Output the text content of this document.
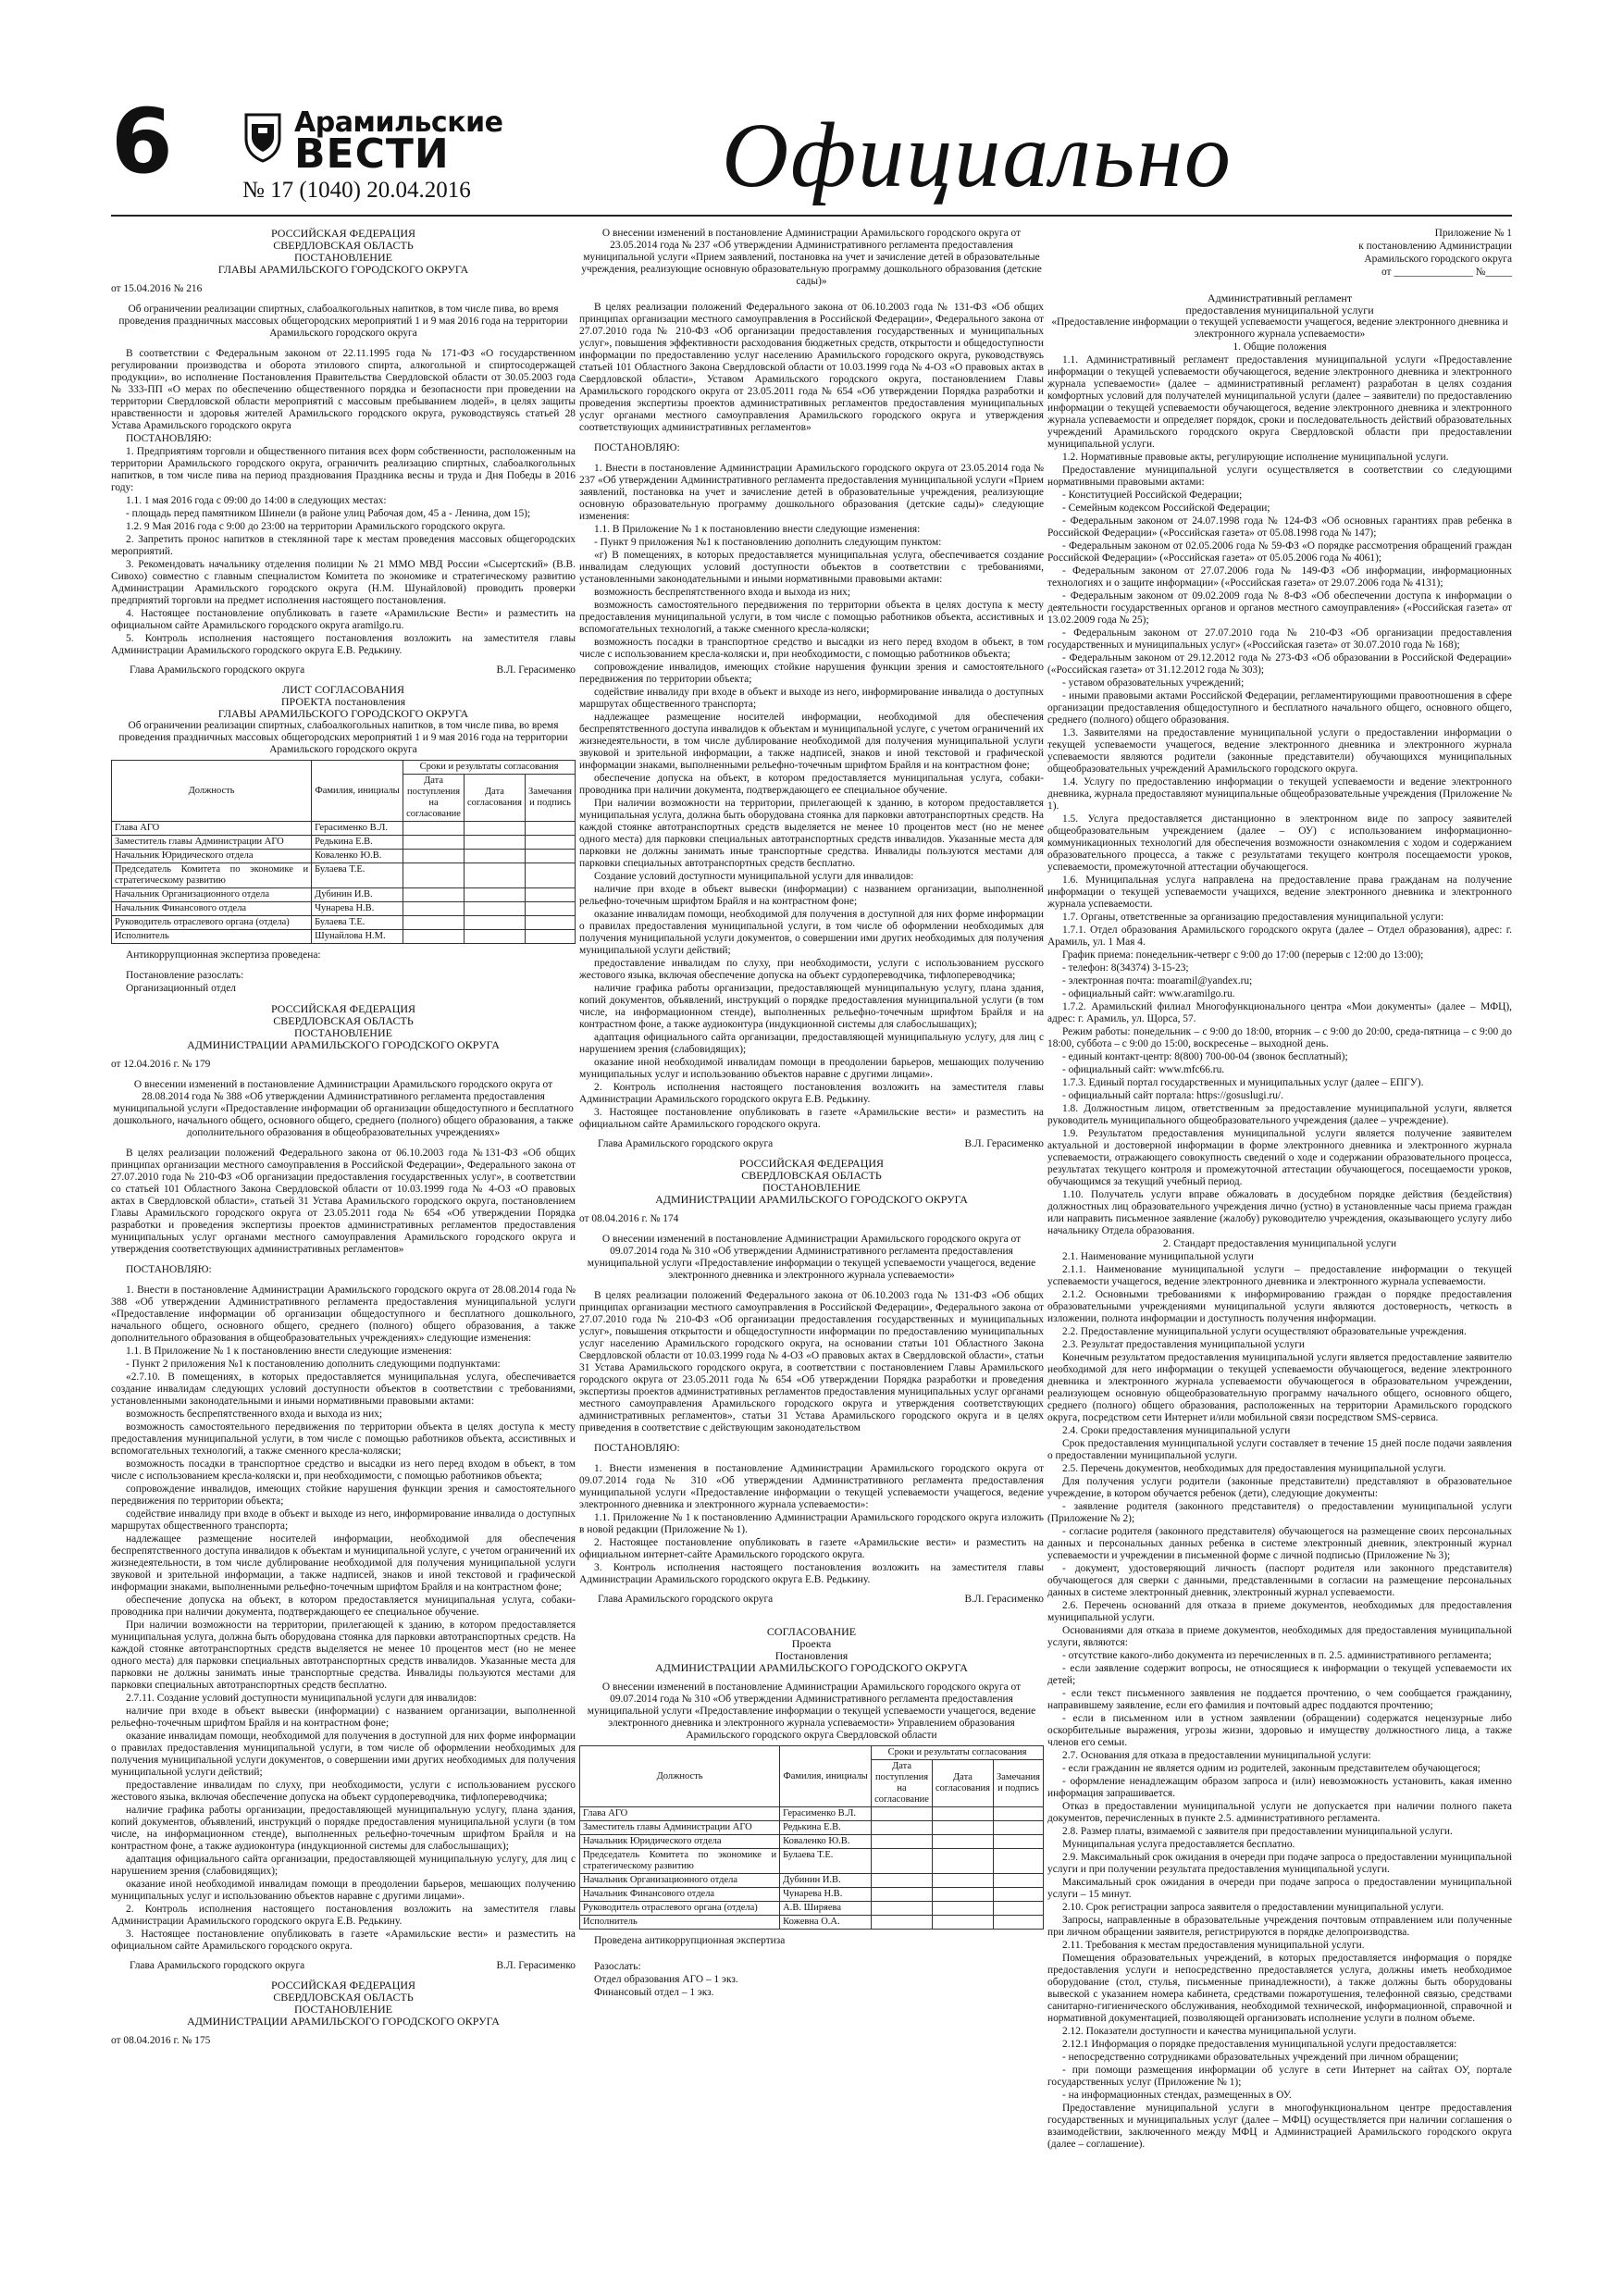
6	Арамильские
ВЕСТИ
№ 17 (1040) 20.04.2016	Официально
РОССИЙСКАЯ ФЕДЕРАЦИЯ
СВЕРДЛОВСКАЯ ОБЛАСТЬ
ПОСТАНОВЛЕНИЕ
ГЛАВЫ АРАМИЛЬСКОГО ГОРОДСКОГО ОКРУГА

от 15.04.2016 № 216

Об ограничении реализации спиртных, слабоалкогольных напитков, в том числе пива, во время проведения праздничных массовых общегородских мероприятий 1 и 9 мая 2016 года на территории Арамильского городского округа

В соответствии с Федеральным законом от 22.11.1995 года № 171-ФЗ «О государственном регулировании производства и оборота этилового спирта, алкогольной и спиртосодержащей продукции», во исполнение Постановления Правительства Свердловской области от 30.05.2003 года № 333-ПП «О мерах по обеспечению общественного порядка и безопасности при проведении на территории Свердловской области мероприятий с массовым пребыванием людей», в целях защиты нравственности и здоровья жителей Арамильского городского округа, руководствуясь статьей 28 Устава Арамильского городского округа

ПОСТАНОВЛЯЮ:

1. Предприятиям торговли и общественного питания всех форм собственности, расположенным на территории Арамильского городского округа, ограничить реализацию спиртных, слабоалкогольных напитков, в том числе пива на период празднования Праздника весны и труда и Дня Победы в 2016 году:

1.1. 1 мая 2016 года с 09:00 до 14:00 в следующих местах:

- площадь перед памятником Шинели (в районе улиц Рабочая дом, 45 а - Ленина, дом 15);

1.2. 9 Мая 2016 года с 9:00 до 23:00 на территории Арамильского городского округа.

2. Запретить пронос напитков в стеклянной таре к местам проведения массовых общегородских мероприятий.

3. Рекомендовать начальнику отделения полиции № 21 ММО МВД России «Сысертский» (В.В. Сивохо) совместно с главным специалистом Комитета по экономике и стратегическому развитию Администрации Арамильского городского округа (Н.М. Шунайловой) проводить проверки предприятий торговли на предмет исполнения настоящего постановления.

4. Настоящее постановление опубликовать в газете «Арамильские Вести» и разместить на официальном сайте Арамильского городского округа aramilgo.ru.

5. Контроль исполнения настоящего постановления возложить на заместителя главы Администрации Арамильского городского округа Е.В. Редькину.

Глава Арамильского городского округа	В.Л. Герасименко
ЛИСТ СОГЛАСОВАНИЯ
ПРОЕКТА постановления
ГЛАВЫ АРАМИЛЬСКОГО ГОРОДСКОГО ОКРУГА

Об ограничении реализации спиртных, слабоалкогольных напитков, в том числе пива, во время проведения праздничных массовых общегородских мероприятий 1 и 9 мая 2016 года на территории Арамильского городского округа

Должность	Фамилия, инициалы	Сроки и результаты согласования		
		Дата поступления на согласование	Дата согласования	Замечания и подпись
Глава АГО	Герасименко В.Л.			
Заместитель главы Администрации АГО	Редькина Е.В.			
Начальник Юридического отдела	Коваленко Ю.В.			
Председатель Комитета по экономике и стратегическому развитию	Булаева Т.Е.			
Начальник Организационного отдела	Дубинин И.В.			
Начальник Финансового отдела	Чунарева Н.В.			
Руководитель отраслевого органа (отдела)	Булаева Т.Е.			
Исполнитель	Шунайлова Н.М.			

Антикоррупционная экспертиза проведена:

Постановление разослать:

Организационный отдел

РОССИЙСКАЯ ФЕДЕРАЦИЯ
СВЕРДЛОВСКАЯ ОБЛАСТЬ
ПОСТАНОВЛЕНИЕ
АДМИНИСТРАЦИИ АРАМИЛЬСКОГО ГОРОДСКОГО ОКРУГА

от 12.04.2016 г. № 179

О внесении изменений в постановление Администрации Арамильского городского округа от 28.08.2014 года № 388 «Об утверждении Административного регламента предоставления муниципальной услуги «Предоставление информации об организации общедоступного и бесплатного дошкольного, начального общего, основного общего, среднего (полного) общего образования, а также дополнительного образования в общеобразовательных учреждениях»

В целях реализации положений Федерального закона от 06.10.2003 года №131-ФЗ «Об общих принципах организации местного самоуправления в Российской Федерации», Федерального закона от 27.07.2010 года № 210-ФЗ «Об организации предоставления государственных услуг», в соответствии со статьей 101 Областного Закона Свердловской области от 10.03.1999 года № 4-ОЗ «О правовых актах в Свердловской области», статьей 31 Устава Арамильского городского округа, постановлением Главы Арамильского городского округа от 23.05.2011 года № 654 «Об утверждении Порядка разработки и проведения экспертизы проектов административных регламентов предоставления муниципальных услуг органами местного самоуправления Арамильского городского округа и утверждения соответствующих административных регламентов»

ПОСТАНОВЛЯЮ:

1. Внести в постановление Администрации Арамильского городского округа от 28.08.2014 года № 388 «Об утверждении Административного регламента предоставления муниципальной услуги «Предоставление информации об организации общедоступного и бесплатного дошкольного, начального общего, основного общего, среднего (полного) общего образования, а также дополнительного образования в общеобразовательных учреждениях» следующие изменения:

1.1. В Приложение № 1 к постановлению внести следующие изменения:

- Пункт 2 приложения №1 к постановлению дополнить следующими подпунктами:

«2.7.10. В помещениях, в которых предоставляется муниципальная услуга, обеспечивается создание инвалидам следующих условий доступности объектов в соответствии с требованиями, установленными законодательными и иными нормативными правовыми актами:

возможность беспрепятственного входа и выхода из них;

возможность самостоятельного передвижения по территории объекта в целях доступа к месту предоставления муниципальной услуги, в том числе с помощью работников объекта, ассистивных и вспомогательных технологий, а также сменного кресла-коляски;

возможность посадки в транспортное средство и высадки из него перед входом в объект, в том числе с использованием кресла-коляски и, при необходимости, с помощью работников объекта;

сопровождение инвалидов, имеющих стойкие нарушения функции зрения и самостоятельного передвижения по территории объекта;

содействие инвалиду при входе в объект и выходе из него, информирование инвалида о доступных маршрутах общественного транспорта;

надлежащее размещение носителей информации, необходимой для обеспечения беспрепятственного доступа инвалидов к объектам и муниципальной услуге, с учетом ограничений их жизнедеятельности, в том числе дублирование необходимой для получения муниципальной услуги звуковой и зрительной информации, а также надписей, знаков и иной текстовой и графической информации знаками, выполненными рельефно-точечным шрифтом Брайля и на контрастном фоне;

обеспечение допуска на объект, в котором предоставляется муниципальная услуга, собаки-проводника при наличии документа, подтверждающего ее специальное обучение.

При наличии возможности на территории, прилегающей к зданию, в котором предоставляется муниципальная услуга, должна быть оборудована стоянка для парковки автотранспортных средств. На каждой стоянке автотранспортных средств выделяется не менее 10 процентов мест (но не менее одного места) для парковки специальных автотранспортных средств инвалидов. Указанные места для парковки не должны занимать иные транспортные средства. Инвалиды пользуются местами для парковки специальных автотранспортных средств бесплатно.

2.7.11. Создание условий доступности муниципальной услуги для инвалидов:

наличие при входе в объект вывески (информации) с названием организации, выполненной рельефно-точечным шрифтом Брайля и на контрастном фоне;

оказание инвалидам помощи, необходимой для получения в доступной для них форме информации о правилах предоставления муниципальной услуги, в том числе об оформлении необходимых для получения муниципальной услуги документов, о совершении ими других необходимых для получения муниципальной услуги действий;

предоставление инвалидам по слуху, при необходимости, услуги с использованием русского жестового языка, включая обеспечение допуска на объект сурдопереводчика, тифлопереводчика;

наличие графика работы организации, предоставляющей муниципальную услугу, плана здания, копий документов, объявлений, инструкций о порядке предоставления муниципальной услуги (в том числе, на информационном стенде), выполненных рельефно-точечным шрифтом Брайля и на контрастном фоне, а также аудиоконтура (индукционной системы для слабослышащих);

адаптация официального сайта организации, предоставляющей муниципальную услугу, для лиц с нарушением зрения (слабовидящих);

оказание иной необходимой инвалидам помощи в преодолении барьеров, мешающих получению муниципальных услуг и использованию объектов наравне с другими лицами».

2. Контроль исполнения настоящего постановления возложить на заместителя главы Администрации Арамильского городского округа Е.В. Редькину.

3. Настоящее постановление опубликовать в газете «Арамильские вести» и разместить на официальном сайте Арамильского городского округа.

Глава Арамильского городского округа	В.Л. Герасименко
РОССИЙСКАЯ ФЕДЕРАЦИЯ
СВЕРДЛОВСКАЯ ОБЛАСТЬ
ПОСТАНОВЛЕНИЕ
АДМИНИСТРАЦИИ АРАМИЛЬСКОГО ГОРОДСКОГО ОКРУГА

от 08.04.2016 г. № 175

О внесении изменений в постановление Администрации Арамильского городского округа от 23.05.2014 года № 237 «Об утверждении Административного регламента предоставления муниципальной услуги «Прием заявлений, постановка на учет и зачисление детей в образовательные учреждения, реализующие основную образовательную программу дошкольного образования (детские сады)»

В целях реализации положений Федерального закона от 06.10.2003 года № 131-ФЗ «Об общих принципах организации местного самоуправления в Российской Федерации», Федерального закона от 27.07.2010 года № 210-ФЗ «Об организации предоставления государственных и муниципальных услуг», повышения эффективности расходования бюджетных средств, открытости и общедоступности информации по предоставлению услуг населению Арамильского городского округа, руководствуясь статьей 101 Областного Закона Свердловской области от 10.03.1999 года № 4-ОЗ «О правовых актах в Свердловской области», Уставом Арамильского городского округа, постановлением Главы Арамильского городского округа от 23.05.2011 года № 654 «Об утверждении Порядка разработки и проведения экспертизы проектов административных регламентов предоставления муниципальных услуг органами местного самоуправления Арамильского городского округа и утверждения соответствующих административных регламентов»

ПОСТАНОВЛЯЮ:

1. Внести в постановление Администрации Арамильского городского округа от 23.05.2014 года № 237 «Об утверждении Административного регламента предоставления муниципальной услуги «Прием заявлений, постановка на учет и зачисление детей в образовательные учреждения, реализующие основную образовательную программу дошкольного образования (детские сады)» следующие изменения:

1.1. В Приложение № 1 к постановлению внести следующие изменения:

- Пункт 9 приложения №1 к постановлению дополнить следующим пунктом:

«г) В помещениях, в которых предоставляется муниципальная услуга, обеспечивается создание инвалидам следующих условий доступности объектов в соответствии с требованиями, установленными законодательными и иными нормативными правовыми актами:

возможность беспрепятственного входа и выхода из них;

возможность самостоятельного передвижения по территории объекта в целях доступа к месту предоставления муниципальной услуги, в том числе с помощью работников объекта, ассистивных и вспомогательных технологий, а также сменного кресла-коляски;

возможность посадки в транспортное средство и высадки из него перед входом в объект, в том числе с использованием кресла-коляски и, при необходимости, с помощью работников объекта;

сопровождение инвалидов, имеющих стойкие нарушения функции зрения и самостоятельного передвижения по территории объекта;

содействие инвалиду при входе в объект и выходе из него, информирование инвалида о доступных маршрутах общественного транспорта;

надлежащее размещение носителей информации, необходимой для обеспечения беспрепятственного доступа инвалидов к объектам и муниципальной услуге, с учетом ограничений их жизнедеятельности, в том числе дублирование необходимой для получения муниципальной услуги звуковой и зрительной информации, а также надписей, знаков и иной текстовой и графической информации знаками, выполненными рельефно-точечным шрифтом Брайля и на контрастном фоне;

обеспечение допуска на объект, в котором предоставляется муниципальная услуга, собаки-проводника при наличии документа, подтверждающего ее специальное обучение.

При наличии возможности на территории, прилегающей к зданию, в котором предоставляется муниципальная услуга, должна быть оборудована стоянка для парковки автотранспортных средств. На каждой стоянке автотранспортных средств выделяется не менее 10 процентов мест (но не менее одного места) для парковки специальных автотранспортных средств инвалидов. Указанные места для парковки не должны занимать иные транспортные средства. Инвалиды пользуются местами для парковки специальных автотранспортных средств бесплатно.

Создание условий доступности муниципальной услуги для инвалидов:

наличие при входе в объект вывески (информации) с названием организации, выполненной рельефно-точечным шрифтом Брайля и на контрастном фоне;

оказание инвалидам помощи, необходимой для получения в доступной для них форме информации о правилах предоставления муниципальной услуги, в том числе об оформлении необходимых для получения муниципальной услуги документов, о совершении ими других необходимых для получения муниципальной услуги действий;

предоставление инвалидам по слуху, при необходимости, услуги с использованием русского жестового языка, включая обеспечение допуска на объект сурдопереводчика, тифлопереводчика;

наличие графика работы организации, предоставляющей муниципальную услугу, плана здания, копий документов, объявлений, инструкций о порядке предоставления муниципальной услуги (в том числе, на информационном стенде), выполненных рельефно-точечным шрифтом Брайля и на контрастном фоне, а также аудиоконтура (индукционной системы для слабослышащих);

адаптация официального сайта организации, предоставляющей муниципальную услугу, для лиц с нарушением зрения (слабовидящих);

оказание иной необходимой инвалидам помощи в преодолении барьеров, мешающих получению муниципальных услуг и использованию объектов наравне с другими лицами».

2. Контроль исполнения настоящего постановления возложить на заместителя главы Администрации Арамильского городского округа Е.В. Редькину.

3. Настоящее постановление опубликовать в газете «Арамильские вести» и разместить на официальном сайте Арамильского городского округа.

Глава Арамильского городского округа	В.Л. Герасименко
РОССИЙСКАЯ ФЕДЕРАЦИЯ
СВЕРДЛОВСКАЯ ОБЛАСТЬ
ПОСТАНОВЛЕНИЕ
АДМИНИСТРАЦИИ АРАМИЛЬСКОГО ГОРОДСКОГО ОКРУГА

от 08.04.2016 г. № 174

О внесении изменений в постановление Администрации Арамильского городского округа от 09.07.2014 года № 310 «Об утверждении Административного регламента предоставления муниципальной услуги «Предоставление информации о текущей успеваемости учащегося, ведение электронного дневника и электронного журнала успеваемости»

В целях реализации положений Федерального закона от 06.10.2003 года № 131-ФЗ «Об общих принципах организации местного самоуправления в Российской Федерации», Федерального закона от 27.07.2010 года № 210-ФЗ «Об организации предоставления государственных и муниципальных услуг», повышения открытости и общедоступности информации по предоставлению муниципальных услуг населению Арамильского городского округа, на основании статьи 101 Областного Закона Свердловской области от 10.03.1999 года № 4-ОЗ «О правовых актах в Свердловской области», статьи 31 Устава Арамильского городского округа, в соответствии с постановлением Главы Арамильского городского округа от 23.05.2011 года № 654 «Об утверждении Порядка разработки и проведения экспертизы проектов административных регламентов предоставления муниципальных услуг органами местного самоуправления Арамильского городского округа и утверждения соответствующих административных регламентов», статьи 31 Устава Арамильского городского округа и в целях приведения в соответствие с действующим законодательством

ПОСТАНОВЛЯЮ:

1. Внести изменения в постановление Администрации Арамильского городского округа от 09.07.2014 года № 310 «Об утверждении Административного регламента предоставления муниципальной услуги «Предоставление информации о текущей успеваемости учащегося, ведение электронного дневника и электронного журнала успеваемости»:

1.1. Приложение № 1 к постановлению Администрации Арамильского городского округа изложить в новой редакции (Приложение № 1).

2. Настоящее постановление опубликовать в газете «Арамильские вести» и разместить на официальном интернет-сайте Арамильского городского округа.

3. Контроль исполнения настоящего постановления возложить на заместителя главы Администрации Арамильского городского округа Е.В. Редькину.

Глава Арамильского городского округа	В.Л. Герасименко
СОГЛАСОВАНИЕ
Проекта
Постановления
АДМИНИСТРАЦИИ АРАМИЛЬСКОГО ГОРОДСКОГО ОКРУГА

О внесении изменений в постановление Администрации Арамильского городского округа от 09.07.2014 года № 310 «Об утверждении Административного регламента предоставления муниципальной услуги «Предоставление информации о текущей успеваемости учащегося, ведение электронного дневника и электронного журнала успеваемости» Управлением образования Арамильского городского округа Свердловской области

Должность	Фамилия, инициалы	Сроки и результаты согласования		
		Дата поступления на согласование	Дата согласования	Замечания и подпись
Глава АГО	Герасименко В.Л.			
Заместитель главы Администрации АГО	Редькина Е.В.			
Начальник Юридического отдела	Коваленко Ю.В.			
Председатель Комитета по экономике и стратегическому развитию	Булаева Т.Е.			
Начальник Организационного отдела	Дубинин И.В.			
Начальник Финансового отдела	Чунарева Н.В.			
Руководитель отраслевого органа (отдела)	А.В. Ширяева			
Исполнитель	Кожевна О.А.			

Проведена антикоррупционная экспертиза

Разослать:

Отдел образования АГО – 1 экз.

Финансовый отдел – 1 экз.

Приложение № 1

к постановлению Администрации

Арамильского городского округа

от _______________ №_____

Административный регламент
предоставления муниципальной услуги

«Предоставление информации о текущей успеваемости учащегося, ведение электронного дневника и электронного журнала успеваемости»

1. Общие положения

1.1. Административный регламент предоставления муниципальной услуги «Предоставление информации о текущей успеваемости обучающегося, ведение электронного дневника и электронного журнала успеваемости» (далее – административный регламент) разработан в целях создания комфортных условий для получателей муниципальной услуги (далее – заявители) по предоставлению информации о текущей успеваемости обучающегося, ведение электронного дневника и электронного журнала успеваемости и определяет порядок, сроки и последовательность действий образовательных учреждений Арамильского городского округа Свердловской области при предоставлении муниципальной услуги.

1.2. Нормативные правовые акты, регулирующие исполнение муниципальной услуги.

Предоставление муниципальной услуги осуществляется в соответствии со следующими нормативными правовыми актами:

- Конституцией Российской Федерации;

- Семейным кодексом Российской Федерации;

- Федеральным законом от 24.07.1998 года № 124-ФЗ «Об основных гарантиях прав ребенка в Российской Федерации» («Российская газета» от 05.08.1998 года № 147);

- Федеральным законом от 02.05.2006 года № 59-ФЗ «О порядке рассмотрения обращений граждан Российской Федерации» («Российская газета» от 05.05.2006 года № 4061);

- Федеральным законом от 27.07.2006 года № 149-ФЗ «Об информации, информационных технологиях и о защите информации» («Российская газета» от 29.07.2006 года № 4131);

- Федеральным законом от 09.02.2009 года № 8-ФЗ «Об обеспечении доступа к информации о деятельности государственных органов и органов местного самоуправления» («Российская газета» от 13.02.2009 года № 25);

- Федеральным законом от 27.07.2010 года № 210-ФЗ «Об организации предоставления государственных и муниципальных услуг» («Российская газета» от 30.07.2010 года № 168);

- Федеральным законом от 29.12.2012 года № 273-ФЗ «Об образовании в Российской Федерации» («Российская газета» от 31.12.2012 года № 303);

- уставом образовательных учреждений;

- иными правовыми актами Российской Федерации, регламентирующими правоотношения в сфере организации предоставления общедоступного и бесплатного начального общего, основного общего, среднего (полного) общего образования.

1.3. Заявителями на предоставление муниципальной услуги о предоставлении информации о текущей успеваемости учащегося, ведение электронного дневника и электронного журнала успеваемости являются родители (законные представители) обучающихся муниципальных общеобразовательных учреждений Арамильского городского округа.

1.4. Услугу по предоставлению информации о текущей успеваемости и ведение электронного дневника, журнала предоставляют муниципальные общеобразовательные учреждения (Приложение № 1).

1.5. Услуга предоставляется дистанционно в электронном виде по запросу заявителей общеобразовательным учреждением (далее – ОУ) с использованием информационно-коммуникационных технологий для обеспечения возможности ознакомления с ходом и содержанием образовательного процесса, а также с результатами текущего контроля посещаемости уроков, успеваемости, промежуточной аттестации обучающегося.

1.6. Муниципальная услуга направлена на предоставление права гражданам на получение информации о текущей успеваемости учащихся, ведение электронного дневника и электронного журнала успеваемости.

1.7. Органы, ответственные за организацию предоставления муниципальной услуги:

1.7.1. Отдел образования Арамильского городского округа (далее – Отдел образования), адрес: г. Арамиль, ул. 1 Мая 4.

График приема: понедельник-четверг с 9:00 до 17:00 (перерыв с 12:00 до 13:00);

- телефон: 8(34374) 3-15-23;

- электронная почта: moaramil@yandex.ru;

- официальный сайт: www.aramilgo.ru.

1.7.2. Арамильский филиал Многофункционального центра «Мои документы» (далее – МФЦ), адрес: г. Арамиль, ул. Щорса, 57.

Режим работы: понедельник – с 9:00 до 18:00, вторник – с 9:00 до 20:00, среда-пятница – с 9:00 до 18:00, суббота – с 9:00 до 15:00, воскресенье – выходной день.

- единый контакт-центр: 8(800) 700-00-04 (звонок бесплатный);

- официальный сайт: www.mfc66.ru.

1.7.3. Единый портал государственных и муниципальных услуг (далее – ЕПГУ).

- официальный сайт портала: https://gosuslugi.ru/.

1.8. Должностным лицом, ответственным за предоставление муниципальной услуги, является руководитель муниципального общеобразовательного учреждения (далее – учреждение).

1.9. Результатом предоставления муниципальной услуги является получение заявителем актуальной и достоверной информации в форме электронного дневника и электронного журнала успеваемости, отражающего совокупность сведений о ходе и содержании образовательного процесса, результатах текущего контроля и промежуточной аттестации обучающегося, посещаемости уроков, обучающимся за текущий учебный период.

1.10. Получатель услуги вправе обжаловать в досудебном порядке действия (бездействия) должностных лиц образовательного учреждения лично (устно) в установленные часы приема граждан или направить письменное заявление (жалобу) руководителю учреждения, оказывающего услугу либо начальнику Отдела образования.

2. Стандарт предоставления муниципальной услуги

2.1. Наименование муниципальной услуги

2.1.1. Наименование муниципальной услуги – предоставление информации о текущей успеваемости учащегося, ведение электронного дневника и электронного журнала успеваемости.

2.1.2. Основными требованиями к информированию граждан о порядке предоставления образовательными учреждениями муниципальной услуги являются достоверность, четкость в изложении, полнота информации и доступность получения информации.

2.2. Предоставление муниципальной услуги осуществляют образовательные учреждения.

2.3. Результат предоставления муниципальной услуги

Конечным результатом предоставления муниципальной услуги является предоставление заявителю необходимой для него информации о текущей успеваемости обучающегося, ведение электронного дневника и электронного журнала успеваемости обучающегося в образовательном учреждении, реализующем основную общеобразовательную программу начального общего, основного общего, среднего (полного) общего образования, расположенных на территории Арамильского городского округа, посредством сети Интернет и/или мобильной связи посредством SMS-сервиса.

2.4. Сроки предоставления муниципальной услуги

Срок предоставления муниципальной услуги составляет в течение 15 дней после подачи заявления о предоставлении муниципальной услуги.

2.5. Перечень документов, необходимых для предоставления муниципальной услуги.

Для получения услуги родители (законные представители) представляют в образовательное учреждение, в котором обучается ребенок (дети), следующие документы:

- заявление родителя (законного представителя) о предоставлении муниципальной услуги (Приложение № 2);

- согласие родителя (законного представителя) обучающегося на размещение своих персональных данных и персональных данных ребенка в системе электронный дневник, электронный журнал успеваемости и учреждении в письменной форме с личной подписью (Приложение № 3);

- документ, удостоверяющий личность (паспорт родителя или законного представителя) обучающегося для сверки с данными, представленными в согласии на размещение персональных данных в системе электронный дневник, электронный журнал успеваемости.

2.6. Перечень оснований для отказа в приеме документов, необходимых для предоставления муниципальной услуги.

Основаниями для отказа в приеме документов, необходимых для предоставления муниципальной услуги, являются:

- отсутствие какого-либо документа из перечисленных в п. 2.5. административного регламента;

- если заявление содержит вопросы, не относящиеся к информации о текущей успеваемости их детей;

- если текст письменного заявления не поддается прочтению, о чем сообщается гражданину, направившему заявление, если его фамилия и почтовый адрес поддаются прочтению;

- если в письменном или в устном заявлении (обращении) содержатся нецензурные либо оскорбительные выражения, угрозы жизни, здоровью и имуществу должностного лица, а также членов его семьи.

2.7. Основания для отказа в предоставлении муниципальной услуги:

- если гражданин не является одним из родителей, законным представителем обучающегося;

- оформление ненадлежащим образом запроса и (или) невозможность установить, какая именно информация запрашивается.

Отказ в предоставлении муниципальной услуги не допускается при наличии полного пакета документов, перечисленных в пункте 2.5. административного регламента.

2.8. Размер платы, взимаемой с заявителя при предоставлении муниципальной услуги.

Муниципальная услуга предоставляется бесплатно.

2.9. Максимальный срок ожидания в очереди при подаче запроса о предоставлении муниципальной услуги и при получении результата предоставления муниципальной услуги.

Максимальный срок ожидания в очереди при подаче запроса о предоставлении муниципальной услуги – 15 минут.

2.10. Срок регистрации запроса заявителя о предоставлении муниципальной услуги.

Запросы, направленные в образовательные учреждения почтовым отправлением или полученные при личном обращении заявителя, регистрируются в порядке делопроизводства.

2.11. Требования к местам предоставления муниципальной услуги.

Помещения образовательных учреждений, в которых предоставляется информация о порядке предоставления услуги и непосредственно предоставляется услуга, должны иметь необходимое оборудование (стол, стулья, письменные принадлежности), а также должны быть оборудованы вывеской с указанием номера кабинета, средствами пожаротушения, телефонной связью, средствами санитарно-гигиенического обслуживания, необходимой технической, информационной, справочной и нормативной документацией, позволяющей организовать исполнение услуги в полном объеме.

2.12. Показатели доступности и качества муниципальной услуги.

2.12.1 Информация о порядке предоставления муниципальной услуги предоставляется:

- непосредственно сотрудниками образовательных учреждений при личном обращении;

- при помощи размещения информации об услуге в сети Интернет на сайтах ОУ, портале государственных услуг (Приложение № 1);

- на информационных стендах, размещенных в ОУ.

Предоставление муниципальной услуги в многофункциональном центре предоставления государственных и муниципальных услуг (далее – МФЦ) осуществляется при наличии соглашения о взаимодействии, заключенного между МФЦ и Администрацией Арамильского городского округа (далее – соглашение).
